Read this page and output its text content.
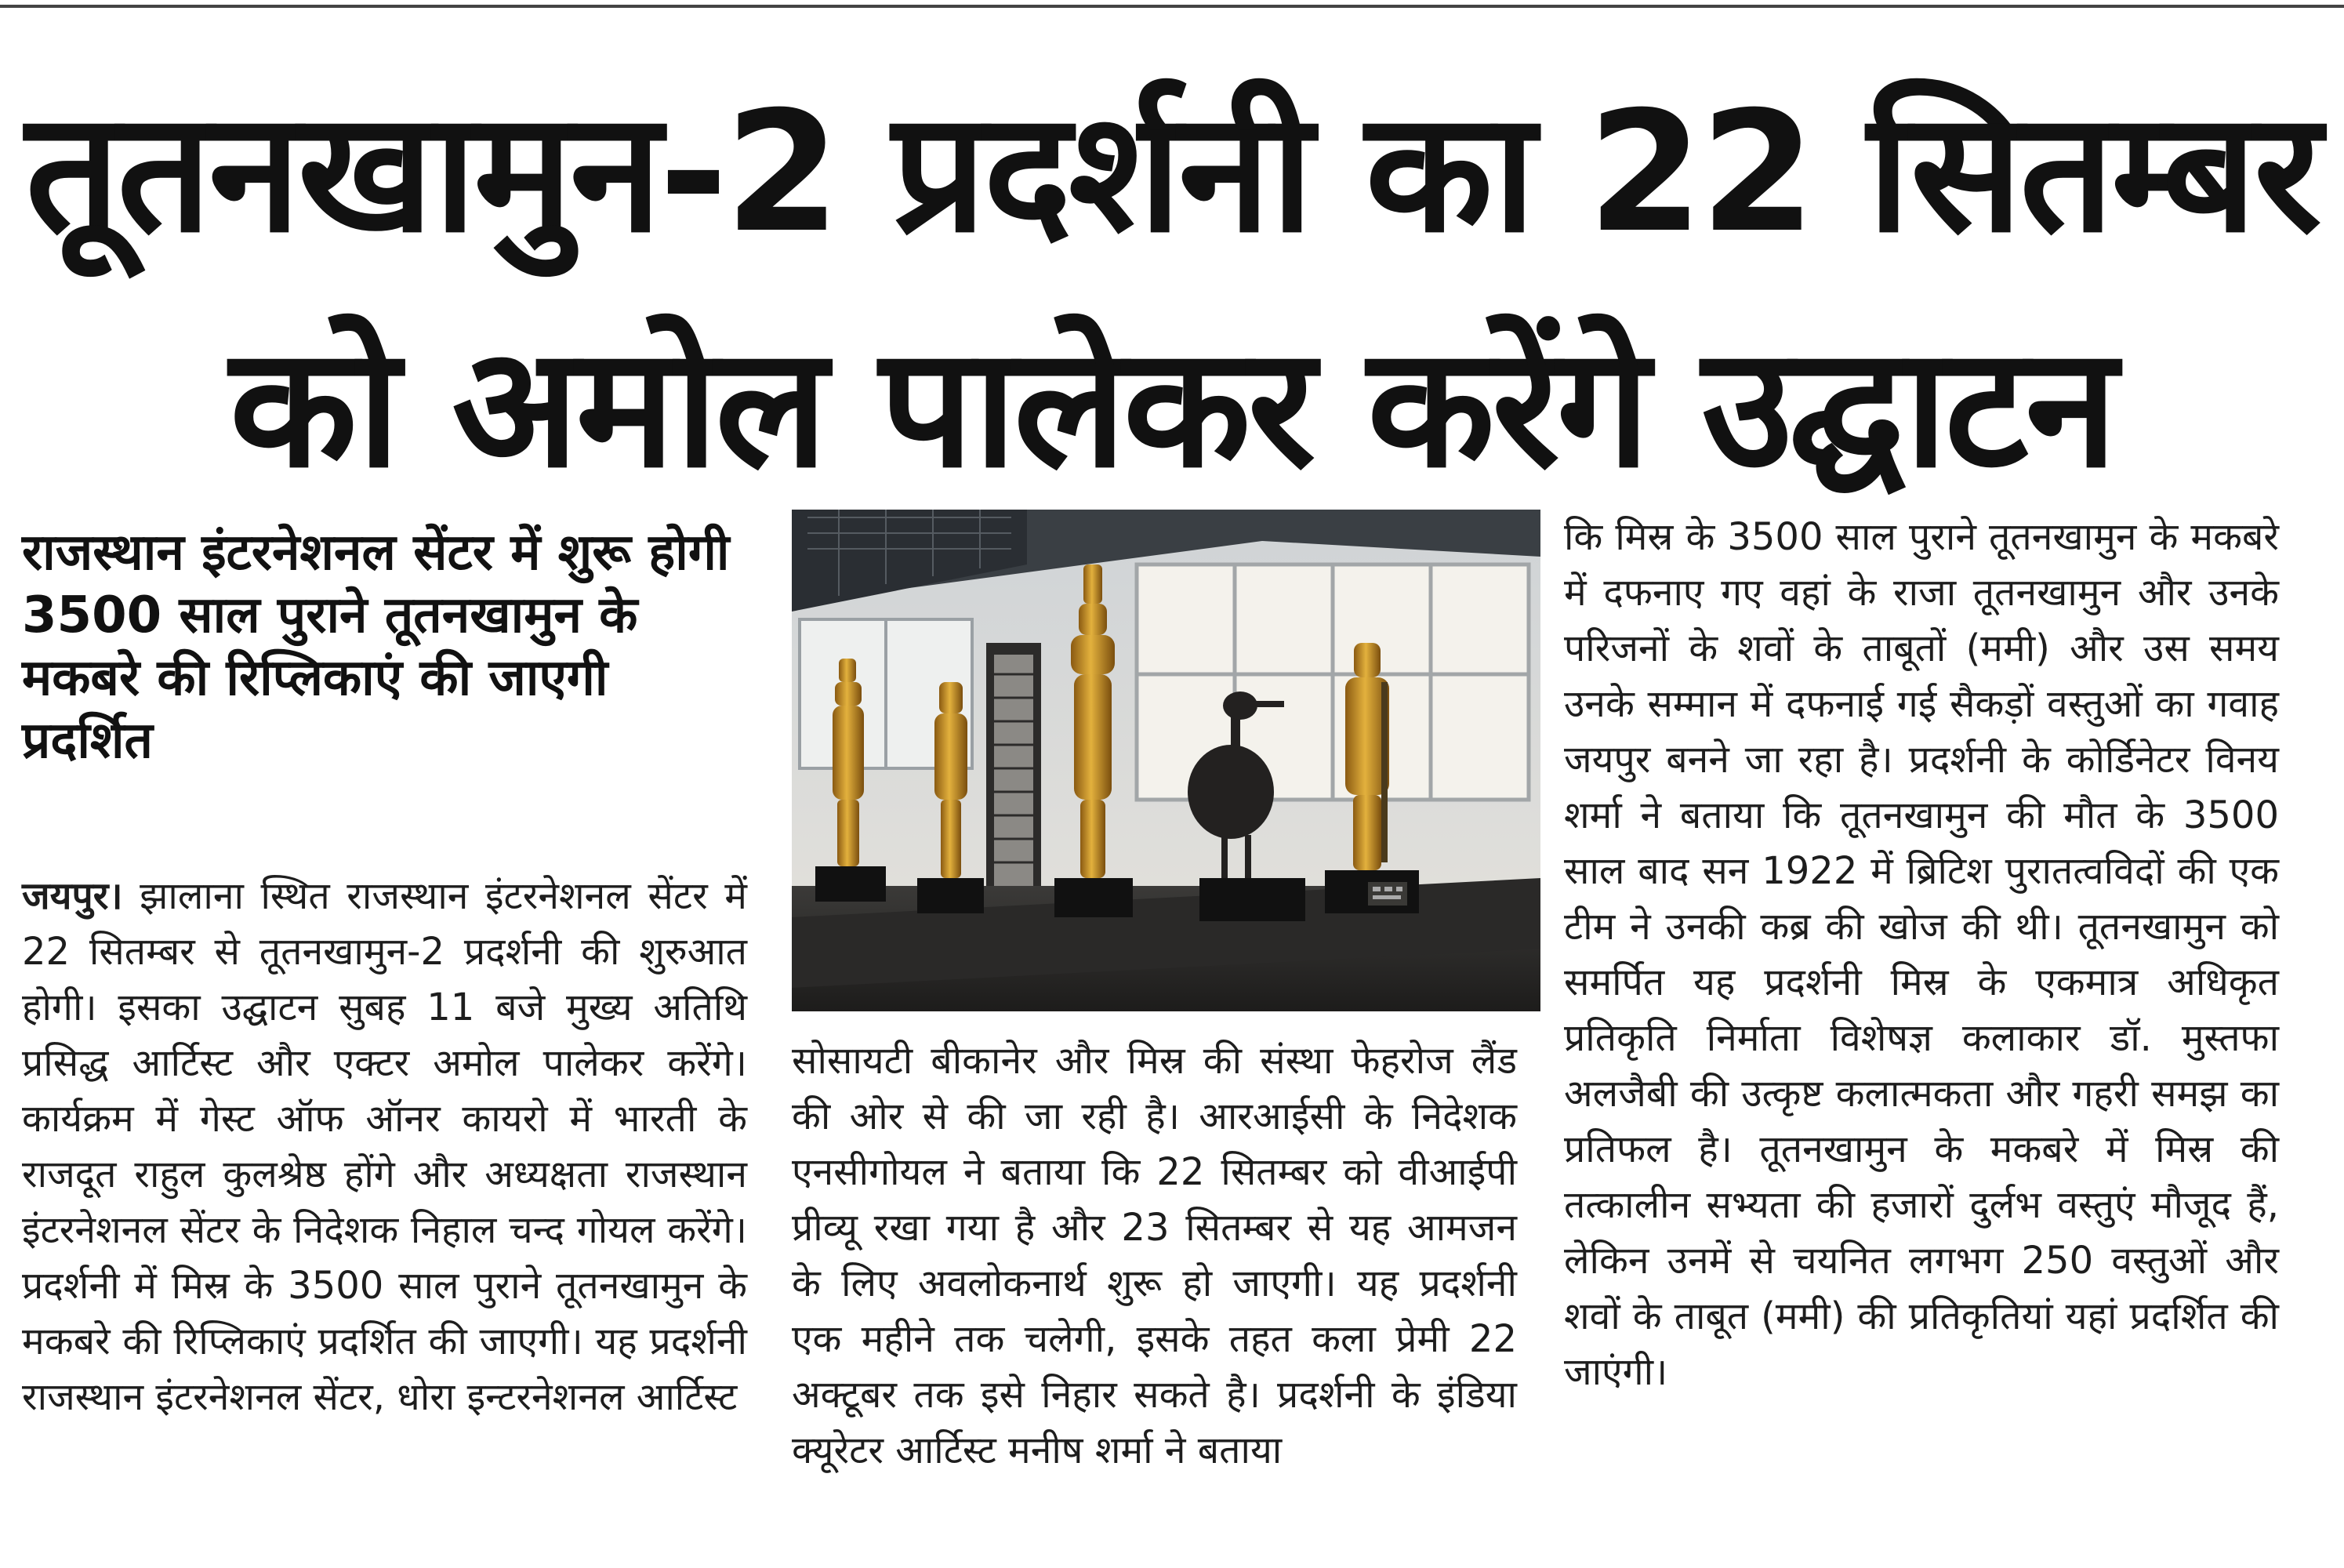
तूतनखामुन-2 प्रदर्शनी का 22 सितम्बर
को अमोल पालेकर करेंगे उद्घाटन
राजस्थान इंटरनेशनल सेंटर में शुरू होगी 3500 साल पुराने तूतनखामुन के मकबरे की रिप्लिकाएं की जाएगी प्रदर्शित

जयपुर। झालाना स्थित राजस्थान इंटरनेशनल सेंटर में 22 सितम्बर से तूतनखामुन-2 प्रदर्शनी की शुरुआत होगी। इसका उद्घाटन सुबह 11 बजे मुख्य अतिथि प्रसिद्ध आर्टिस्ट और एक्टर अमोल पालेकर करेंगे। कार्यक्रम में गेस्ट ऑफ ऑनर कायरो में भारती के राजदूत राहुल कुलश्रेष्ठ होंगे और अध्यक्षता राजस्थान इंटरनेशनल सेंटर के निदेशक निहाल चन्द गोयल करेंगे। प्रदर्शनी में मिस्र के 3500 साल पुराने तूतनखामुन के मकबरे की रिप्लिकाएं प्रदर्शित की जाएगी। यह प्रदर्शनी राजस्थान इंटरनेशनल सेंटर, धोरा इन्टरनेशनल आर्टिस्ट

सोसायटी बीकानेर और मिस्र की संस्था फेहरोज लैंड की ओर से की जा रही है। आरआईसी के निदेशक एनसीगोयल ने बताया कि 22 सितम्बर को वीआईपी प्रीव्यू रखा गया है और 23 सितम्बर से यह आमजन के लिए अवलोकनार्थ शुरू हो जाएगी। यह प्रदर्शनी एक महीने तक चलेगी, इसके तहत कला प्रेमी 22 अक्टूबर तक इसे निहार सकते है। प्रदर्शनी के इंडिया क्यूरेटर आर्टिस्ट मनीष शर्मा ने बताया

कि मिस्र के 3500 साल पुराने तूतनखामुन के मकबरे में दफनाए गए वहां के राजा तूतनखामुन और उनके परिजनों के शवों के ताबूतों (ममी) और उस समय उनके सम्मान में दफनाई गई सैकड़ों वस्तुओं का गवाह जयपुर बनने जा रहा है। प्रदर्शनी के कोर्डिनेटर विनय शर्मा ने बताया कि तूतनखामुन की मौत के 3500 साल बाद सन 1922 में ब्रिटिश पुरातत्वविदों की एक टीम ने उनकी कब्र की खोज की थी। तूतनखामुन को समर्पित यह प्रदर्शनी मिस्र के एकमात्र अधिकृत प्रतिकृति निर्माता विशेषज्ञ कलाकार डॉ. मुस्तफा अलजैबी की उत्कृष्ट कलात्मकता और गहरी समझ का प्रतिफल है। तूतनखामुन के मकबरे में मिस्र की तत्कालीन सभ्यता की हजारों दुर्लभ वस्तुएं मौजूद हैं, लेकिन उनमें से चयनित लगभग 250 वस्तुओं और शवों के ताबूत (ममी) की प्रतिकृतियां यहां प्रदर्शित की जाएंगी।
